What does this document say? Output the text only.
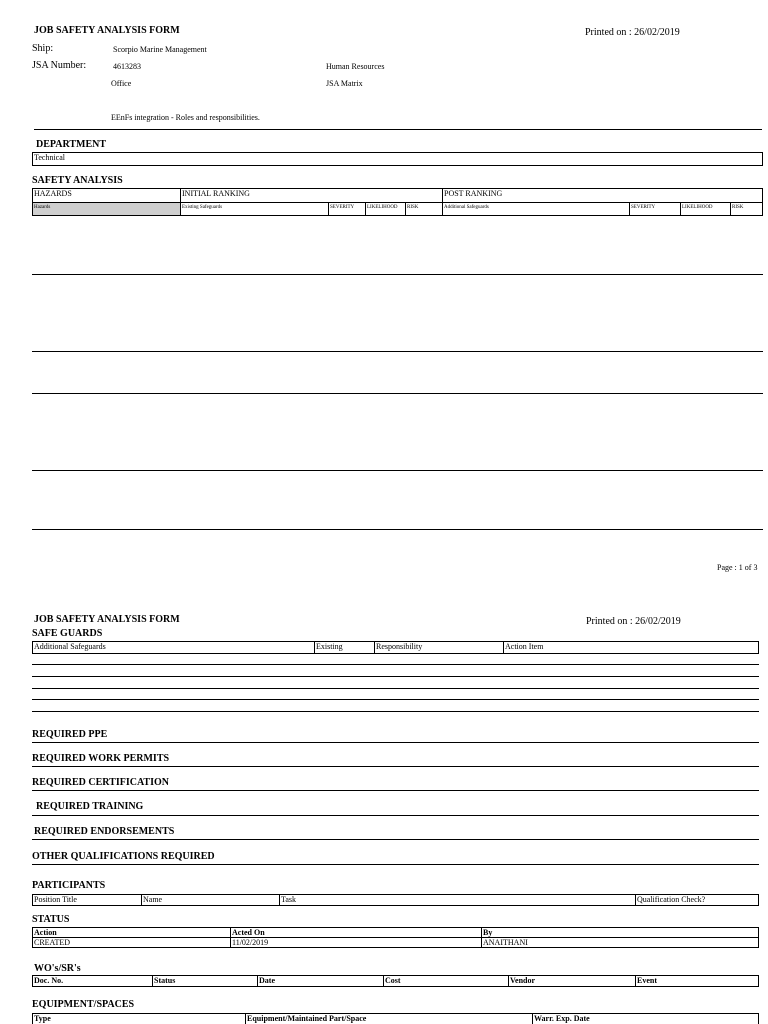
JOB SAFETY ANALYSIS FORM	Printed on : 26/02/2019
Ship:	Scorpio Marine Management
JSA Number:	4613283	Human Resources
Office	JSA Matrix
EEnFs integration - Roles and responsibilities.
DEPARTMENT
Technical
SAFETY ANALYSIS
HAZARDS	INITIAL RANKING	POST RANKING
Hazards	Existing Safeguards	SEVERITY	LIKELIHOOD	RISK	Additional Safeguards	SEVERITY	LIKELIHOOD	RISK
Page : 1 of 3
JOB SAFETY ANALYSIS FORM	Printed on : 26/02/2019
SAFE GUARDS
Additional Safeguards	Existing	Responsibility	Action Item
REQUIRED PPE
REQUIRED WORK PERMITS
REQUIRED CERTIFICATION
REQUIRED TRAINING
REQUIRED ENDORSEMENTS
OTHER QUALIFICATIONS REQUIRED
PARTICIPANTS
Position Title	Name	Task	Qualification Check?
STATUS
Action	Acted On	By
CREATED	11/02/2019	ANAITHANI
WO's/SR's
Doc. No.	Status	Date	Cost	Vendor	Event
EQUIPMENT/SPACES
Type	Equipment/Maintained Part/Space	Warr. Exp. Date
